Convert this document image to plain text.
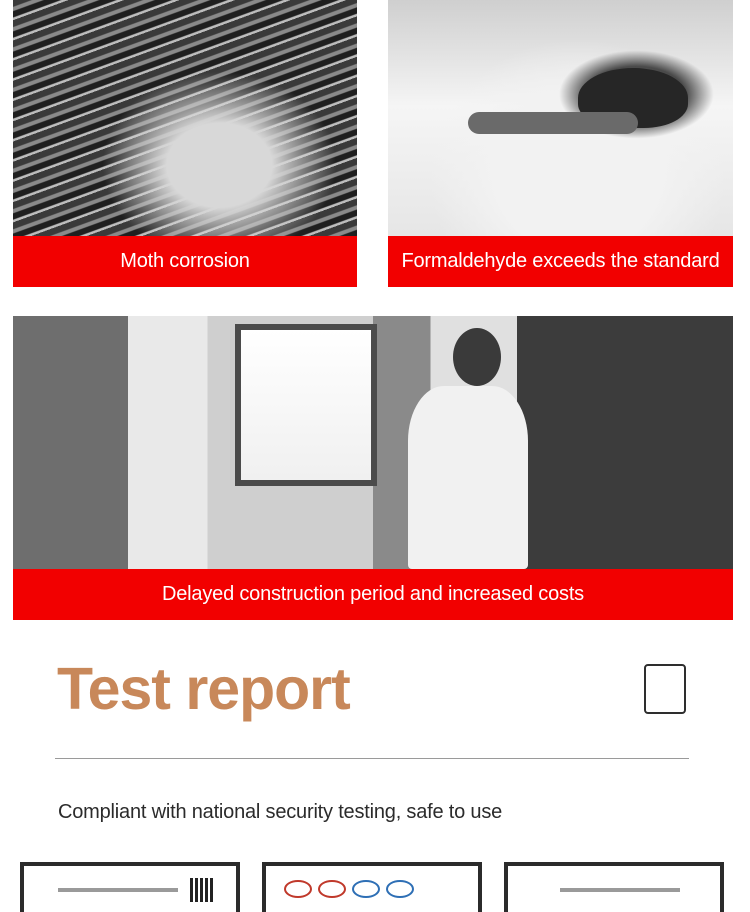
Moth corrosion	Formaldehyde exceeds the standard
Delayed construction period and increased costs
Test report
Compliant with national security testing, safe to use
